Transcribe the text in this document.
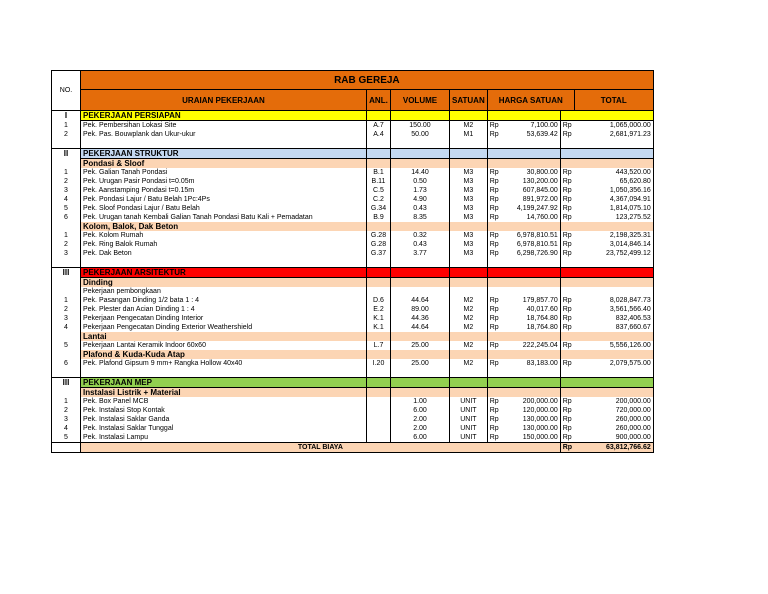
NO.	RAB GEREJA							
	URAIAN PEKERJAAN	ANL.	VOLUME	SATUAN	HARGA SATUAN			TOTAL
I	PEKERJAAN PERSIAPAN							
1	Pek. Pembersihan Lokasi Site	A.7	150.00	M2	Rp	7,100.00	Rp	1,065,000.00
2	Pek. Pas. Bouwplank dan Ukur-ukur	A.4	50.00	M1	Rp	53,639.42	Rp	2,681,971.23

II	PEKERJAAN STRUKTUR							
	Pondasi & Sloof							
1	Pek. Galian Tanah Pondasi	B.1	14.40	M3	Rp	30,800.00	Rp	443,520.00
2	Pek. Urugan Pasir Pondasi t=0.05m	B.11	0.50	M3	Rp	130,200.00	Rp	65,620.80
3	Pek. Aanstamping Pondasi t=0.15m	C.5	1.73	M3	Rp	607,845.00	Rp	1,050,356.16
4	Pek. Pondasi Lajur / Batu Belah 1Pc:4Ps	C.2	4.90	M3	Rp	891,972.00	Rp	4,367,094.91
5	Pek. Sloof Pondasi Lajur / Batu Belah	G.34	0.43	M3	Rp	4,199,247.92	Rp	1,814,075.10
6	Pek. Urugan tanah Kembali Galian Tanah Pondasi Batu Kali + Pemadatan	B.9	8.35	M3	Rp	14,760.00	Rp	123,275.52
	Kolom, Balok, Dak Beton							
1	Pek. Kolom Rumah	G.28	0.32	M3	Rp	6,978,810.51	Rp	2,198,325.31
2	Pek. Ring Balok Rumah	G.28	0.43	M3	Rp	6,978,810.51	Rp	3,014,846.14
3	Pek. Dak Beton	G.37	3.77	M3	Rp	6,298,726.90	Rp	23,752,499.12

III	PEKERJAAN ARSITEKTUR							
	Dinding							
	Pekerjaan pembongkaan							
1	Pek. Pasangan Dinding 1/2 bata 1 : 4	D.6	44.64	M2	Rp	179,857.70	Rp	8,028,847.73
2	Pek. Plester dan Acian Dinding 1 : 4	E.2	89.00	M2	Rp	40,017.60	Rp	3,561,566.40
3	Pekerjaan Pengecatan Dinding Interior	K.1	44.36	M2	Rp	18,764.80	Rp	832,406.53
4	Pekerjaan Pengecatan Dinding Exterior Weathershield	K.1	44.64	M2	Rp	18,764.80	Rp	837,660.67
	Lantai							
5	Pekerjaan Lantai Keramik Indoor 60x60	L.7	25.00	M2	Rp	222,245.04	Rp	5,556,126.00
	Plafond & Kuda-Kuda Atap							
6	Pek. Plafond Gipsum 9 mm+ Rangka Hollow 40x40	I.20	25.00	M2	Rp	83,183.00	Rp	2,079,575.00

III	PEKERJAAN MEP							
	Instalasi Listrik + Material							
1	Pek. Box Panel MCB		1.00	UNIT	Rp	200,000.00	Rp	200,000.00
2	Pek. Instalasi Stop Kontak		6.00	UNIT	Rp	120,000.00	Rp	720,000.00
3	Pek. Instalasi Saklar Ganda		2.00	UNIT	Rp	130,000.00	Rp	260,000.00
4	Pek. Instalasi Saklar Tunggal		2.00	UNIT	Rp	130,000.00	Rp	260,000.00
5	Pek. Instalasi Lampu		6.00	UNIT	Rp	150,000.00	Rp	900,000.00
	TOTAL BIAYA						Rp	63,812,766.62
